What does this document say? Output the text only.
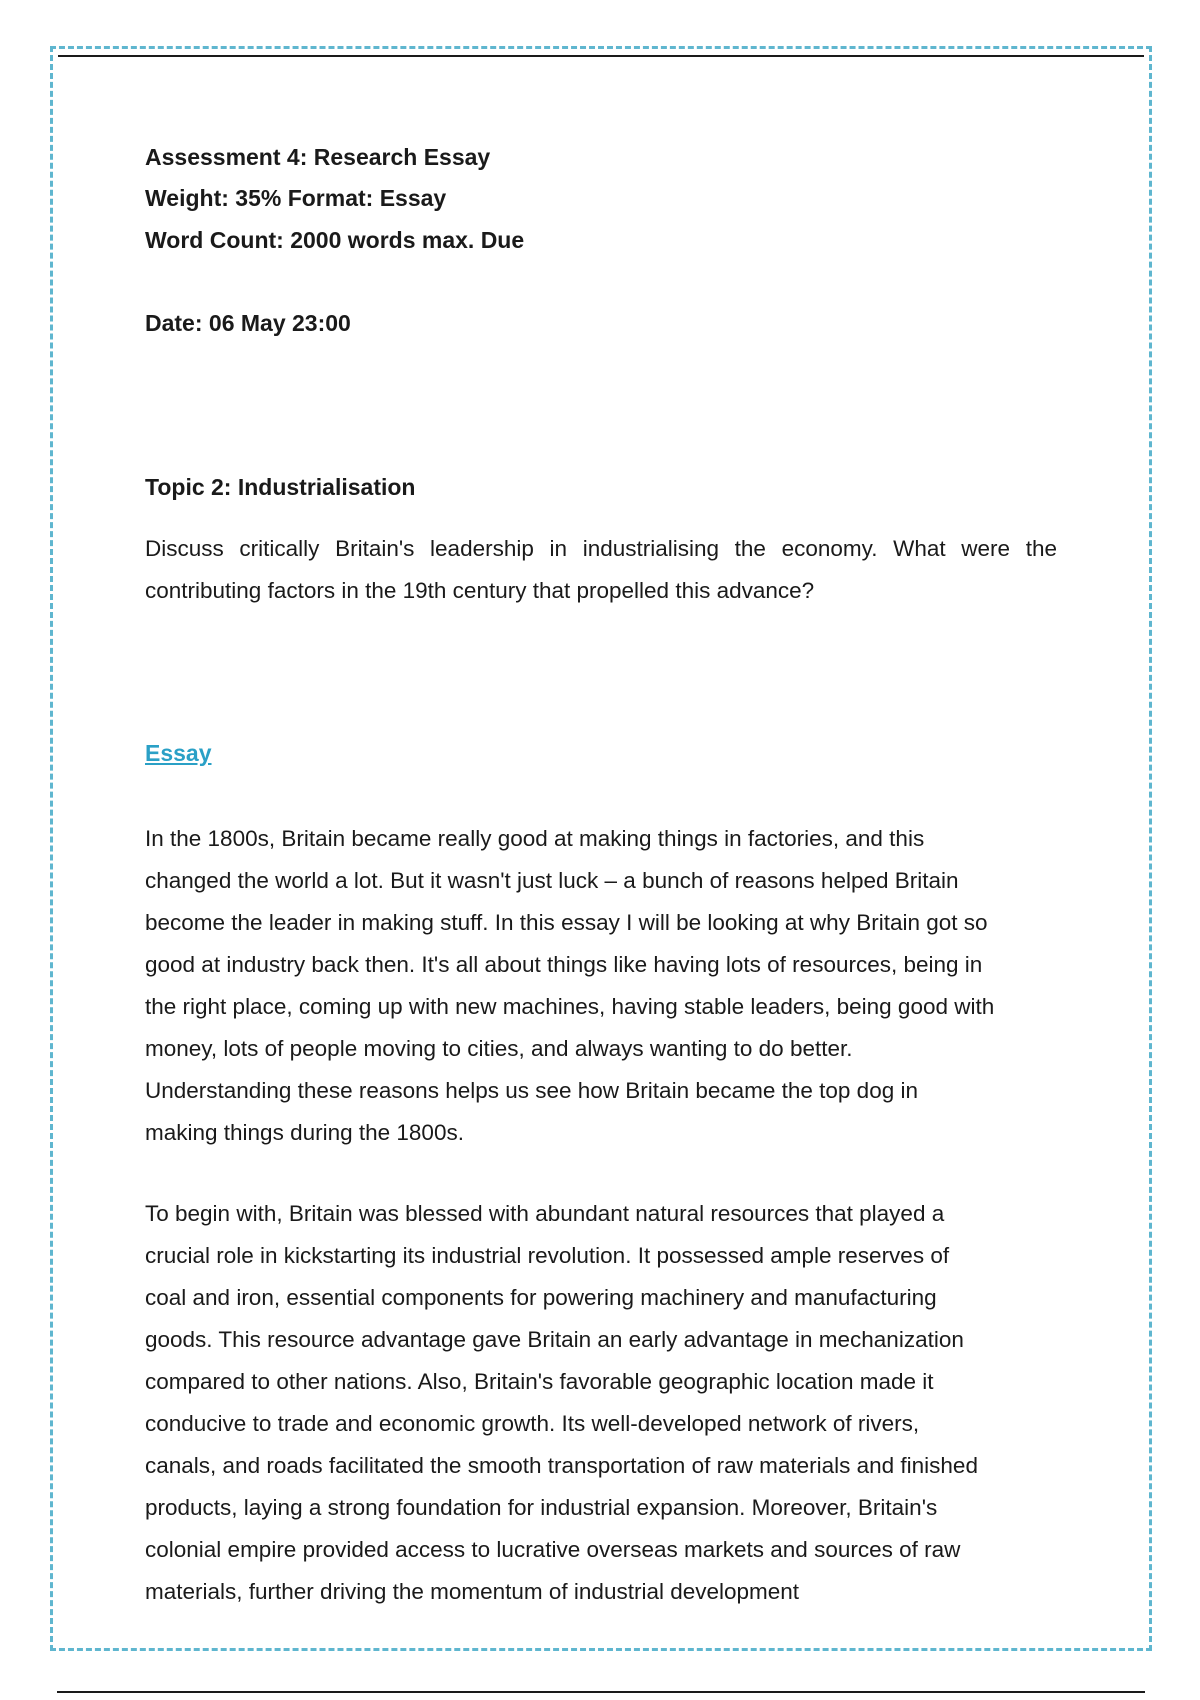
Assessment 4: Research Essay
Weight: 35% Format: Essay
Word Count: 2000 words max. Due
Date: 06 May 23:00
Topic 2: Industrialisation
Discuss critically Britain's leadership in industrialising the economy. What were the contributing factors in the 19th century that propelled this advance?
Essay
In the 1800s, Britain became really good at making things in factories, and this
changed the world a lot. But it wasn't just luck – a bunch of reasons helped Britain
become the leader in making stuff. In this essay I will be looking at why Britain got so
good at industry back then. It's all about things like having lots of resources, being in
the right place, coming up with new machines, having stable leaders, being good with
money, lots of people moving to cities, and always wanting to do better.
Understanding these reasons helps us see how Britain became the top dog in
making things during the 1800s.
To begin with, Britain was blessed with abundant natural resources that played a
crucial role in kickstarting its industrial revolution. It possessed ample reserves of
coal and iron, essential components for powering machinery and manufacturing
goods. This resource advantage gave Britain an early advantage in mechanization
compared to other nations. Also, Britain's favorable geographic location made it
conducive to trade and economic growth. Its well-developed network of rivers,
canals, and roads facilitated the smooth transportation of raw materials and finished
products, laying a strong foundation for industrial expansion. Moreover, Britain's
colonial empire provided access to lucrative overseas markets and sources of raw
materials, further driving the momentum of industrial development
